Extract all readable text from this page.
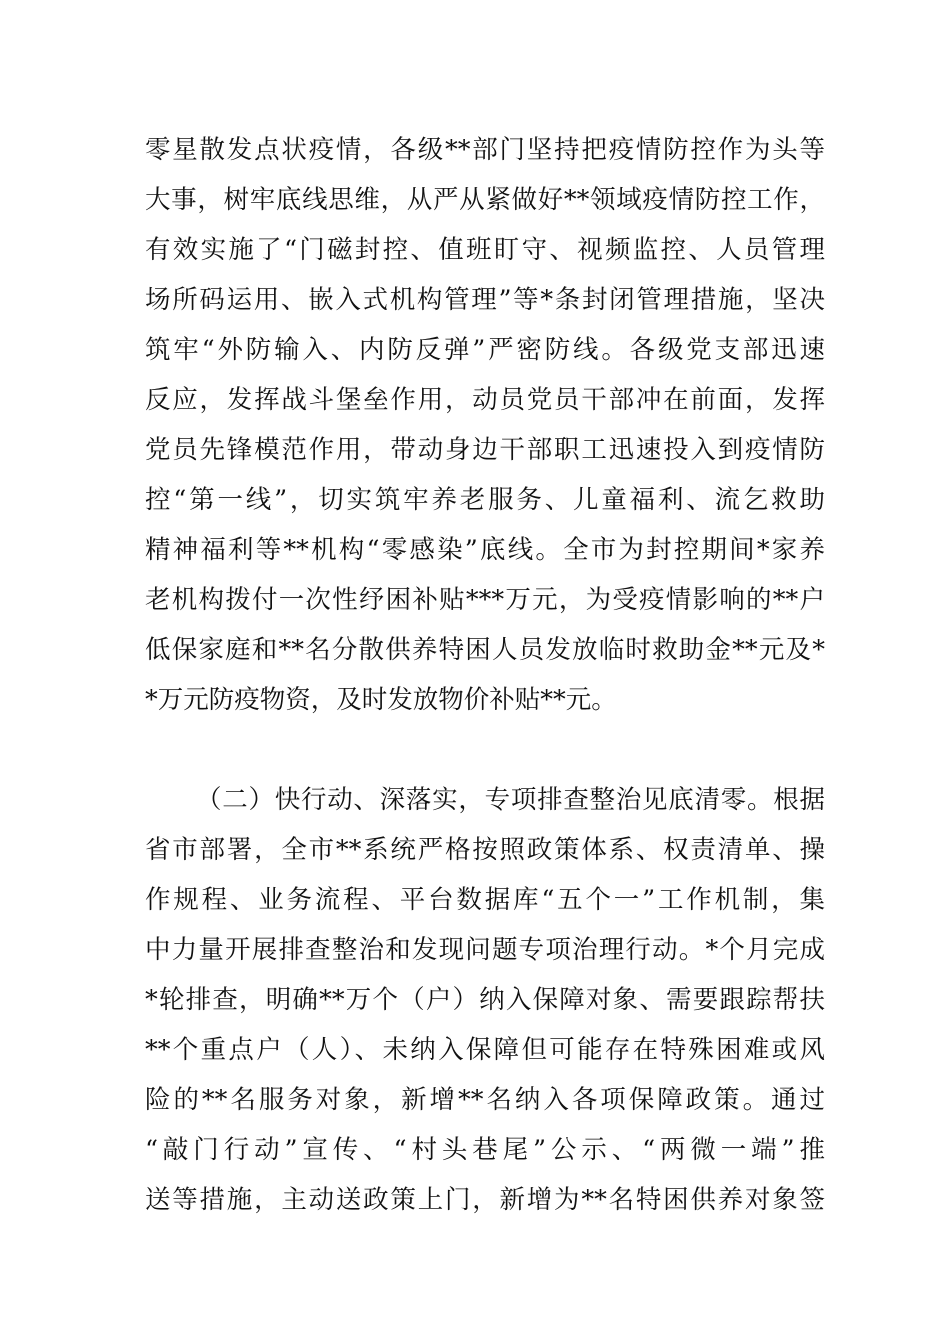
零星散发点状疫情，各级**部门坚持把疫情防控作为头等
大事，树牢底线思维，从严从紧做好**领域疫情防控工作，
有效实施了“门磁封控、值班盯守、视频监控、人员管理
场所码运用、嵌入式机构管理”等*条封闭管理措施，坚决
筑牢“外防输入、内防反弹”严密防线。各级党支部迅速
反应，发挥战斗堡垒作用，动员党员干部冲在前面，发挥
党员先锋模范作用，带动身边干部职工迅速投入到疫情防
控“第一线”，切实筑牢养老服务、儿童福利、流乞救助
精神福利等**机构“零感染”底线。全市为封控期间*家养
老机构拨付一次性纾困补贴***万元，为受疫情影响的**户
低保家庭和**名分散供养特困人员发放临时救助金**元及*
*万元防疫物资，及时发放物价补贴**元。
（二）快行动、深落实，专项排查整治见底清零。根据
省市部署，全市**系统严格按照政策体系、权责清单、操
作规程、业务流程、平台数据库“五个一”工作机制，集
中力量开展排查整治和发现问题专项治理行动。*个月完成
*轮排查，明确**万个（户）纳入保障对象、需要跟踪帮扶
**个重点户（人）、未纳入保障但可能存在特殊困难或风
险的**名服务对象，新增**名纳入各项保障政策。通过
“敲门行动”宣传、“村头巷尾”公示、“两微一端”推
送等措施，主动送政策上门，新增为**名特困供养对象签
